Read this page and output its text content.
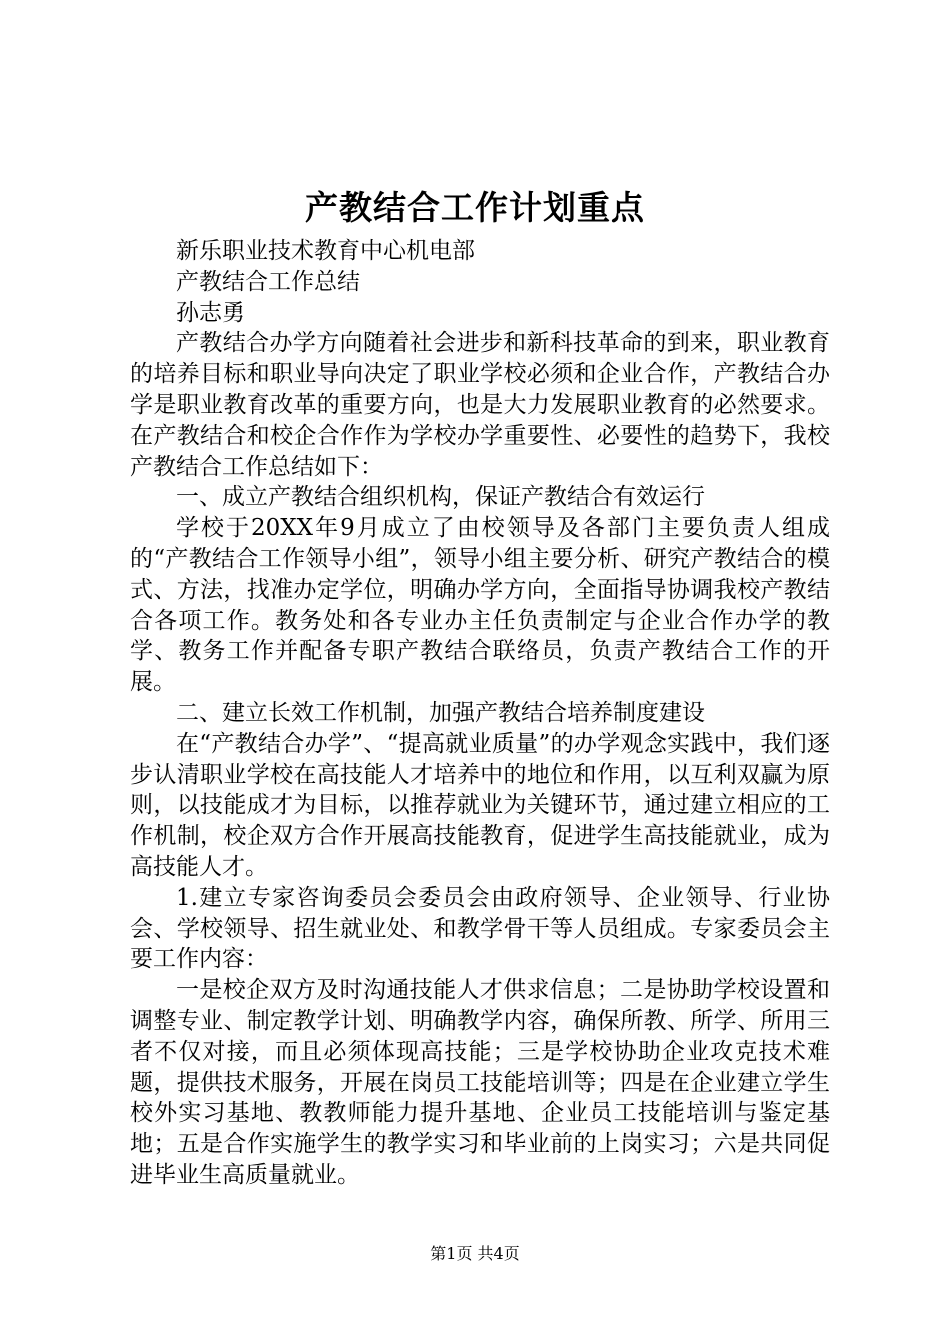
产教结合工作计划重点

新乐职业技术教育中心机电部

产教结合工作总结

孙志勇

产教结合办学方向随着社会进步和新科技革命的到来，职业教育的培养目标和职业导向决定了职业学校必须和企业合作，产教结合办学是职业教育改革的重要方向，也是大力发展职业教育的必然要求。在产教结合和校企合作作为学校办学重要性、必要性的趋势下，我校产教结合工作总结如下：

一、成立产教结合组织机构，保证产教结合有效运行

学校于20XX年9月成立了由校领导及各部门主要负责人组成的“产教结合工作领导小组”，领导小组主要分析、研究产教结合的模式、方法，找准办定学位，明确办学方向，全面指导协调我校产教结合各项工作。教务处和各专业办主任负责制定与企业合作办学的教学、教务工作并配备专职产教结合联络员，负责产教结合工作的开展。

二、建立长效工作机制，加强产教结合培养制度建设

在“产教结合办学”、“提高就业质量”的办学观念实践中，我们逐步认清职业学校在高技能人才培养中的地位和作用，以互利双赢为原则，以技能成才为目标，以推荐就业为关键环节，通过建立相应的工作机制，校企双方合作开展高技能教育，促进学生高技能就业，成为高技能人才。

1.建立专家咨询委员会委员会由政府领导、企业领导、行业协会、学校领导、招生就业处、和教学骨干等人员组成。专家委员会主要工作内容：

一是校企双方及时沟通技能人才供求信息；二是协助学校设置和调整专业、制定教学计划、明确教学内容，确保所教、所学、所用三者不仅对接，而且必须体现高技能；三是学校协助企业攻克技术难题，提供技术服务，开展在岗员工技能培训等；四是在企业建立学生校外实习基地、教教师能力提升基地、企业员工技能培训与鉴定基地；五是合作实施学生的教学实习和毕业前的上岗实习；六是共同促进毕业生高质量就业。

第1页 共4页
